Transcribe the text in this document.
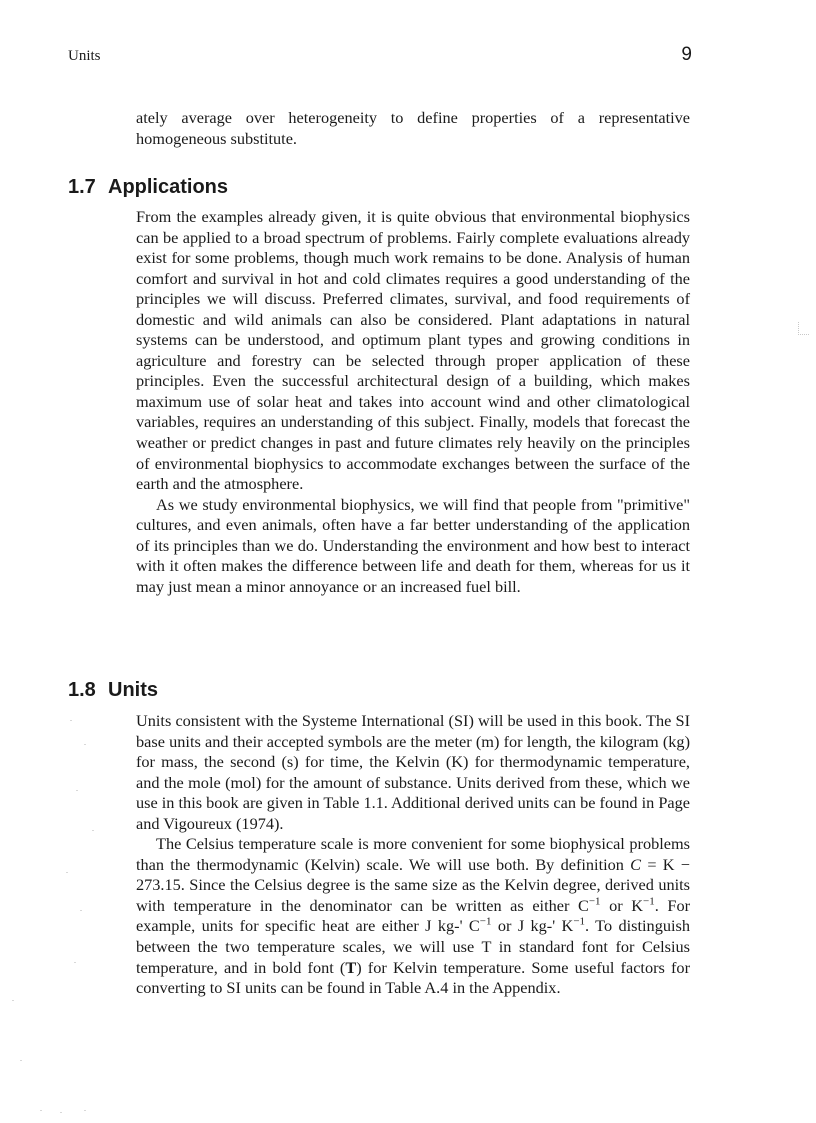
Units	9

ately average over heterogeneity to define properties of a representative homogeneous substitute.

1.7 Applications

From the examples already given, it is quite obvious that environmental biophysics can be applied to a broad spectrum of problems. Fairly complete evaluations already exist for some problems, though much work remains to be done. Analysis of human comfort and survival in hot and cold climates requires a good understanding of the principles we will discuss. Preferred climates, survival, and food requirements of domestic and wild animals can also be considered. Plant adaptations in natural systems can be understood, and optimum plant types and growing conditions in agriculture and forestry can be selected through proper application of these principles. Even the successful architectural design of a building, which makes maximum use of solar heat and takes into account wind and other climatological variables, requires an understanding of this subject. Finally, models that forecast the weather or predict changes in past and future climates rely heavily on the principles of environmental biophysics to accommodate exchanges between the surface of the earth and the atmosphere.

As we study environmental biophysics, we will find that people from "primitive" cultures, and even animals, often have a far better understanding of the application of its principles than we do. Understanding the environment and how best to interact with it often makes the difference between life and death for them, whereas for us it may just mean a minor annoyance or an increased fuel bill.

1.8 Units

Units consistent with the Systeme International (SI) will be used in this book. The SI base units and their accepted symbols are the meter (m) for length, the kilogram (kg) for mass, the second (s) for time, the Kelvin (K) for thermodynamic temperature, and the mole (mol) for the amount of substance. Units derived from these, which we use in this book are given in Table 1.1. Additional derived units can be found in Page and Vigoureux (1974).

The Celsius temperature scale is more convenient for some biophysical problems than the thermodynamic (Kelvin) scale. We will use both. By definition C = K − 273.15. Since the Celsius degree is the same size as the Kelvin degree, derived units with temperature in the denominator can be written as either $C^{-1}$ or $K^{-1}$. For example, units for specific heat are either J kg-' $C^{-1}$ or J kg-' $K^{-1}$. To distinguish between the two temperature scales, we will use T in standard font for Celsius temperature, and in bold font (T) for Kelvin temperature. Some useful factors for converting to SI units can be found in Table A.4 in the Appendix.
